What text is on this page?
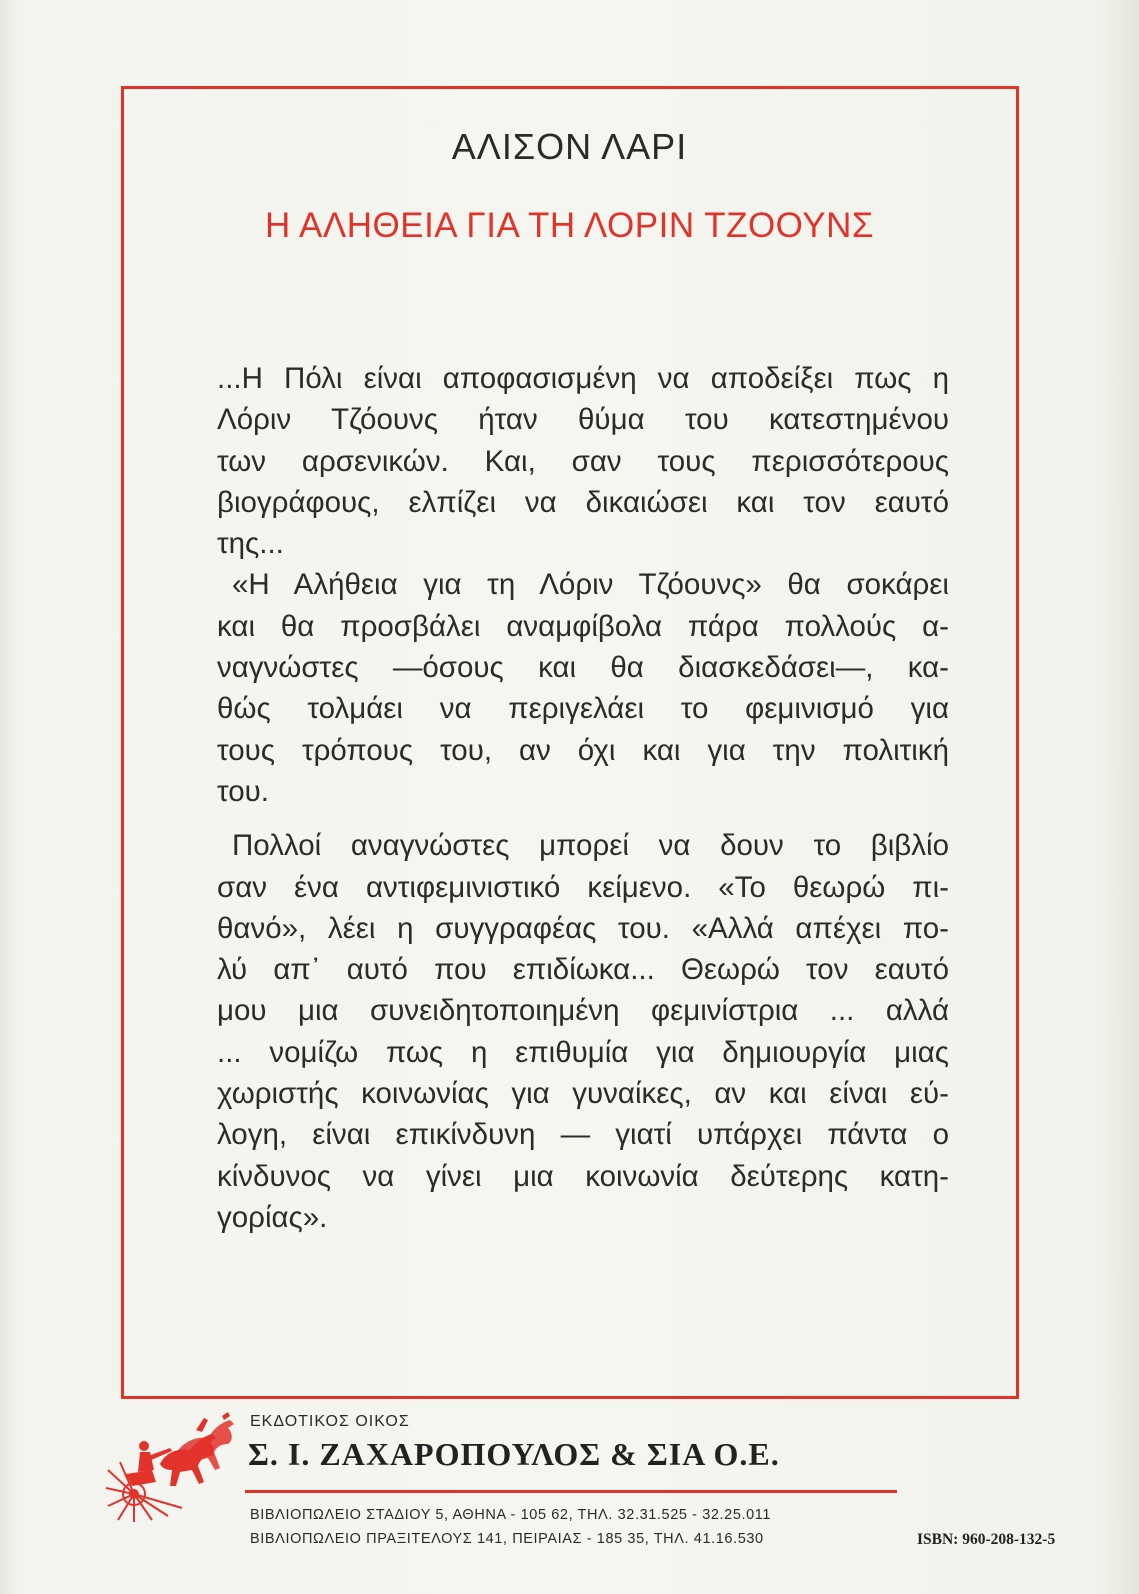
ΑΛΙΣΟΝ ΛΑΡΙ
Η ΑΛΗΘΕΙΑ ΓΙΑ ΤΗ ΛΟΡΙΝ ΤΖΟΟΥΝΣ
...Η Πόλι είναι αποφασισμένη να αποδείξει πως η
Λόριν Τζόουνς ήταν θύμα του κατεστημένου
των αρσενικών. Και, σαν τους περισσότερους
βιογράφους, ελπίζει να δικαιώσει και τον εαυτό
της...
«Η Αλήθεια για τη Λόριν Τζόουνς» θα σοκάρει
και θα προσβάλει αναμφίβολα πάρα πολλούς α-
ναγνώστες —όσους και θα διασκεδάσει—, κα-
θώς τολμάει να περιγελάει το φεμινισμό για
τους τρόπους του, αν όχι και για την πολιτική
του.
Πολλοί αναγνώστες μπορεί να δουν το βιβλίο
σαν ένα αντιφεμινιστικό κείμενο. «Το θεωρώ πι-
θανό», λέει η συγγραφέας του. «Αλλά απέχει πο-
λύ απ᾽ αυτό που επιδίωκα... Θεωρώ τον εαυτό
μου μια συνειδητοποιημένη φεμινίστρια ... αλλά
... νομίζω πως η επιθυμία για δημιουργία μιας
χωριστής κοινωνίας για γυναίκες, αν και είναι εύ-
λογη, είναι επικίνδυνη — γιατί υπάρχει πάντα ο
κίνδυνος να γίνει μια κοινωνία δεύτερης κατη-
γορίας».
ΕΚΔΟΤΙΚΟΣ ΟΙΚΟΣ
Σ. Ι. ΖΑΧΑΡΟΠΟΥΛΟΣ & ΣΙΑ Ο.Ε.
ΒΙΒΛΙΟΠΩΛΕΙΟ ΣΤΑΔΙΟΥ 5, ΑΘΗΝΑ - 105 62, ΤΗΛ. 32.31.525 - 32.25.011
ΒΙΒΛΙΟΠΩΛΕΙΟ ΠΡΑΞΙΤΕΛΟΥΣ 141, ΠΕΙΡΑΙΑΣ - 185 35, ΤΗΛ. 41.16.530	ISBN: 960-208-132-5
